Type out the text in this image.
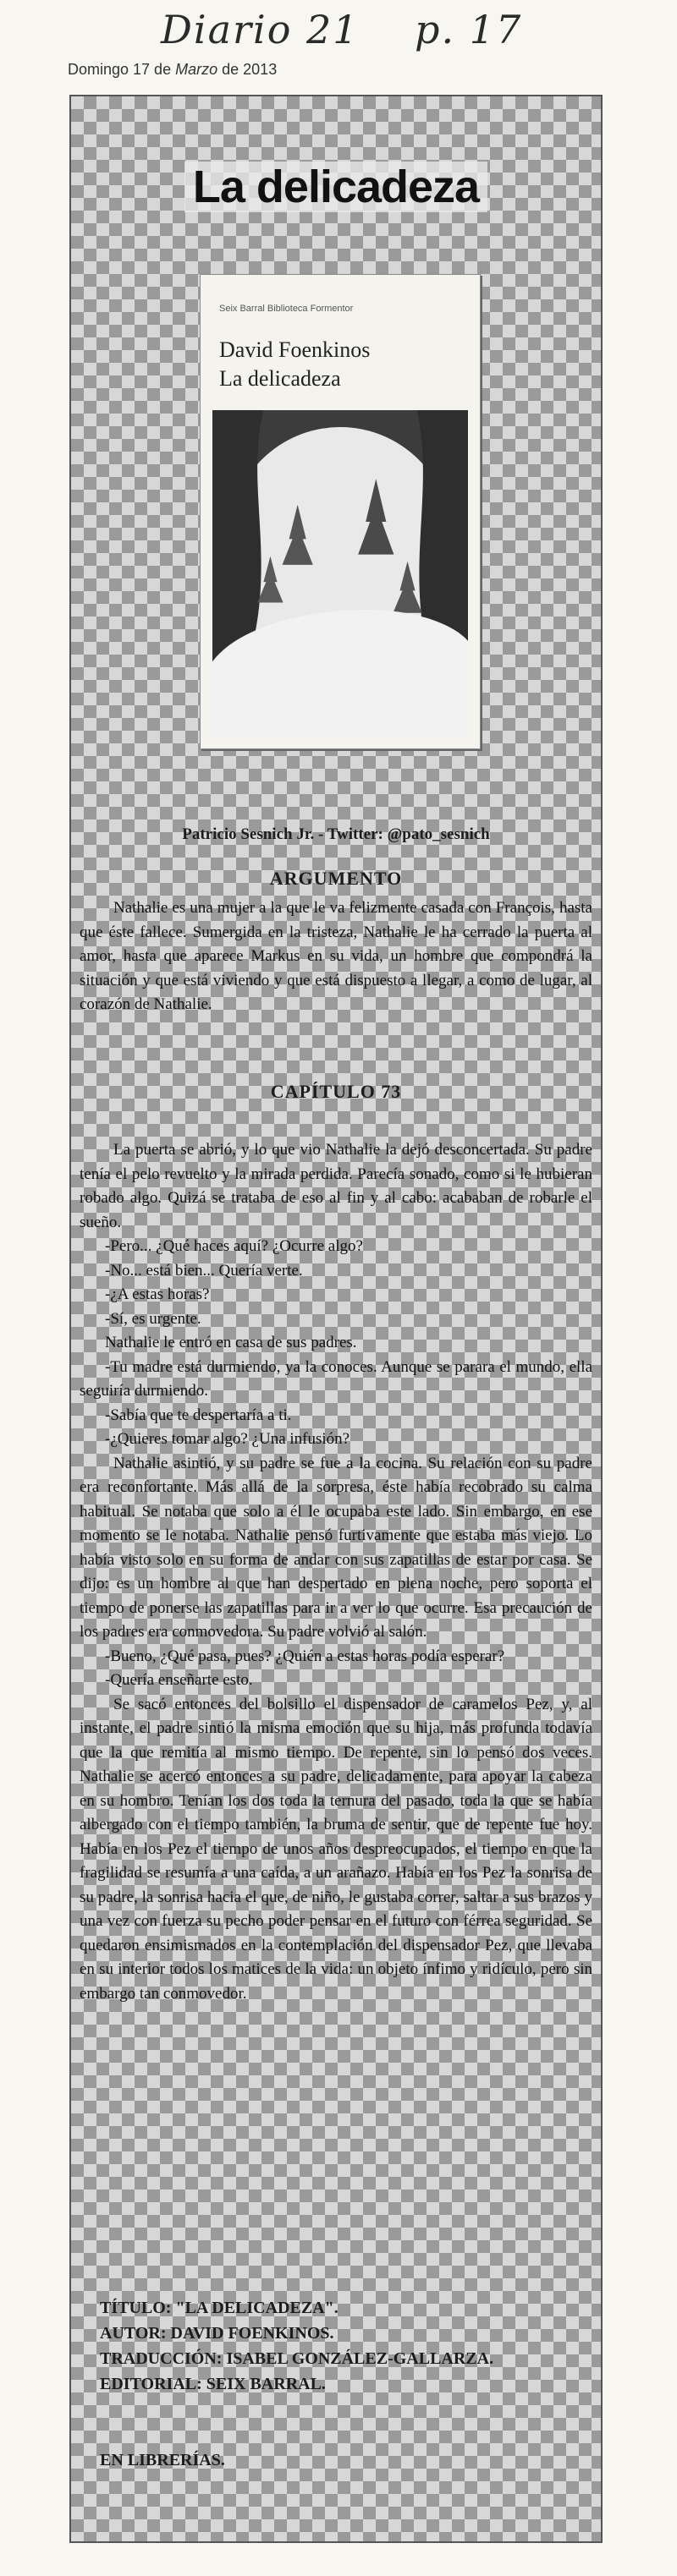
Diario 21 p. 17
Domingo 17 de Marzo de 2013
La delicadeza
Seix Barral Biblioteca Formentor
David Foenkinos
La delicadeza
Patricio Sesnich Jr. - Twitter: @pato_sesnich
ARGUMENTO

Nathalie es una mujer a la que le va felizmente casada con François, hasta que éste fallece. Sumergida en la tristeza, Nathalie le ha cerrado la puerta al amor, hasta que aparece Markus en su vida, un hombre que compondrá la situación y que está viviendo y que está dispuesto a llegar, a como de lugar, al corazón de Nathalie.

CAPÍTULO 73

La puerta se abrió, y lo que vio Nathalie la dejó desconcertada. Su padre tenía el pelo revuelto y la mirada perdida. Parecía sonado, como si le hubieran robado algo. Quizá se trataba de eso al fin y al cabo: acababan de robarle el sueño.

-Pero... ¿Qué haces aquí? ¿Ocurre algo?

-No... está bien... Quería verte.

-¿A estas horas?

-Sí, es urgente.

Nathalie le entró en casa de sus padres.

-Tu madre está durmiendo, ya la conoces. Aunque se parara el mundo, ella seguiría durmiendo.

-Sabía que te despertaría a ti.

-¿Quieres tomar algo? ¿Una infusión?

Nathalie asintió, y su padre se fue a la cocina. Su relación con su padre era reconfortante. Más allá de la sorpresa, éste había recobrado su calma habitual. Se notaba que solo a él le ocupaba este lado. Sin embargo, en ese momento se le notaba. Nathalie pensó furtivamente que estaba más viejo. Lo había visto solo en su forma de andar con sus zapatillas de estar por casa. Se dijo: es un hombre al que han despertado en plena noche, pero soporta el tiempo de ponerse las zapatillas para ir a ver lo que ocurre. Esa precaución de los padres era conmovedora. Su padre volvió al salón.

-Bueno, ¿Qué pasa, pues? ¿Quién a estas horas podía esperar?

-Quería enseñarte esto.

Se sacó entonces del bolsillo el dispensador de caramelos Pez, y, al instante, el padre sintió la misma emoción que su hija, más profunda todavía que la que remitía al mismo tiempo. De repente, sin lo pensó dos veces. Nathalie se acercó entonces a su padre, delicadamente, para apoyar la cabeza en su hombro. Tenían los dos toda la ternura del pasado, toda la que se había albergado con el tiempo también, la bruma de sentir, que de repente fue hoy. Había en los Pez el tiempo de unos años despreocupados, el tiempo en que la fragilidad se resumía a una caída, a un arañazo. Había en los Pez la sonrisa de su padre, la sonrisa hacia el que, de niño, le gustaba correr, saltar a sus brazos y una vez con fuerza su pecho poder pensar en el futuro con férrea seguridad. Se quedaron ensimismados en la contemplación del dispensador Pez, que llevaba en su interior todos los matices de la vida: un objeto ínfimo y ridículo, pero sin embargo tan conmovedor.

TÍTULO: "LA DELICADEZA".
AUTOR: DAVID FOENKINOS.
TRADUCCIÓN: ISABEL GONZÁLEZ-GALLARZA.
EDITORIAL: SEIX BARRAL.
EN LIBRERÍAS.
